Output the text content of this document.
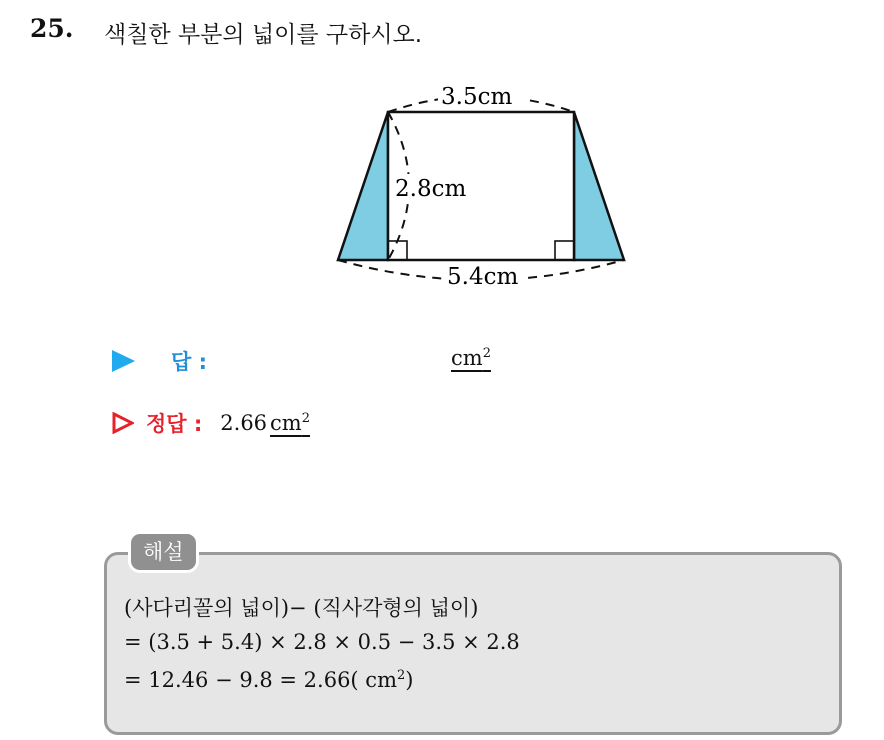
25. 색칠한 부분의 넓이를 구하시오.
3.5cm
5.4cm
2.8cm
답 :	$cm^2$
정답 : 2.66 $cm^2$
해설
(사다리꼴의 넓이)− (직사각형의 넓이)
= (3.5 + 5.4) × 2.8 × 0.5 − 3.5 × 2.8
= 12.46 − 9.8 = 2.66( $cm^2$)
